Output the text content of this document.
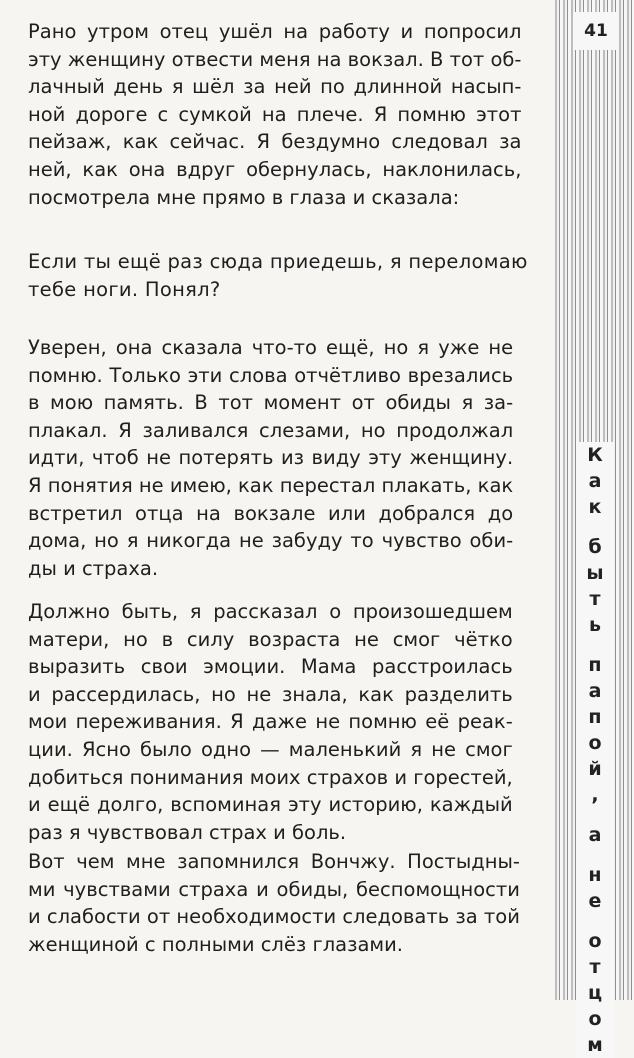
Рано утром отец ушёл на работу и попросил
эту женщину отвести меня на вокзал. В тот об-
лачный день я шёл за ней по длинной насып-
ной дороге с сумкой на плече. Я помню этот
пейзаж, как сейчас. Я бездумно следовал за
ней, как она вдруг обернулась, наклонилась,
посмотрела мне прямо в глаза и сказала:
Если ты ещё раз сюда приедешь, я переломаю
тебе ноги. Понял?
Уверен, она сказала что-то ещё, но я уже не
помню. Только эти слова отчётливо врезались
в мою память. В тот момент от обиды я за-
плакал. Я заливался слезами, но продолжал
идти, чтоб не потерять из виду эту женщину.
Я понятия не имею, как перестал плакать, как
встретил отца на вокзале или добрался до
дома, но я никогда не забуду то чувство оби-
ды и страха.
Должно быть, я рассказал о произошедшем
матери, но в силу возраста не смог чётко
выразить свои эмоции. Мама расстроилась
и рассердилась, но не знала, как разделить
мои переживания. Я даже не помню её реак-
ции. Ясно было одно — маленький я не смог
добиться понимания моих страхов и горестей,
и ещё долго, вспоминая эту историю, каждый
раз я чувствовал страх и боль.
Вот чем мне запомнился Вончжу. Постыдны-
ми чувствами страха и обиды, беспомощности
и слабости от необходимости следовать за той
женщиной с полными слёз глазами.
41
К
а
к
б
ы
т
ь
п
а
п
о
й
,
а
н
е
о
т
ц
о
м
